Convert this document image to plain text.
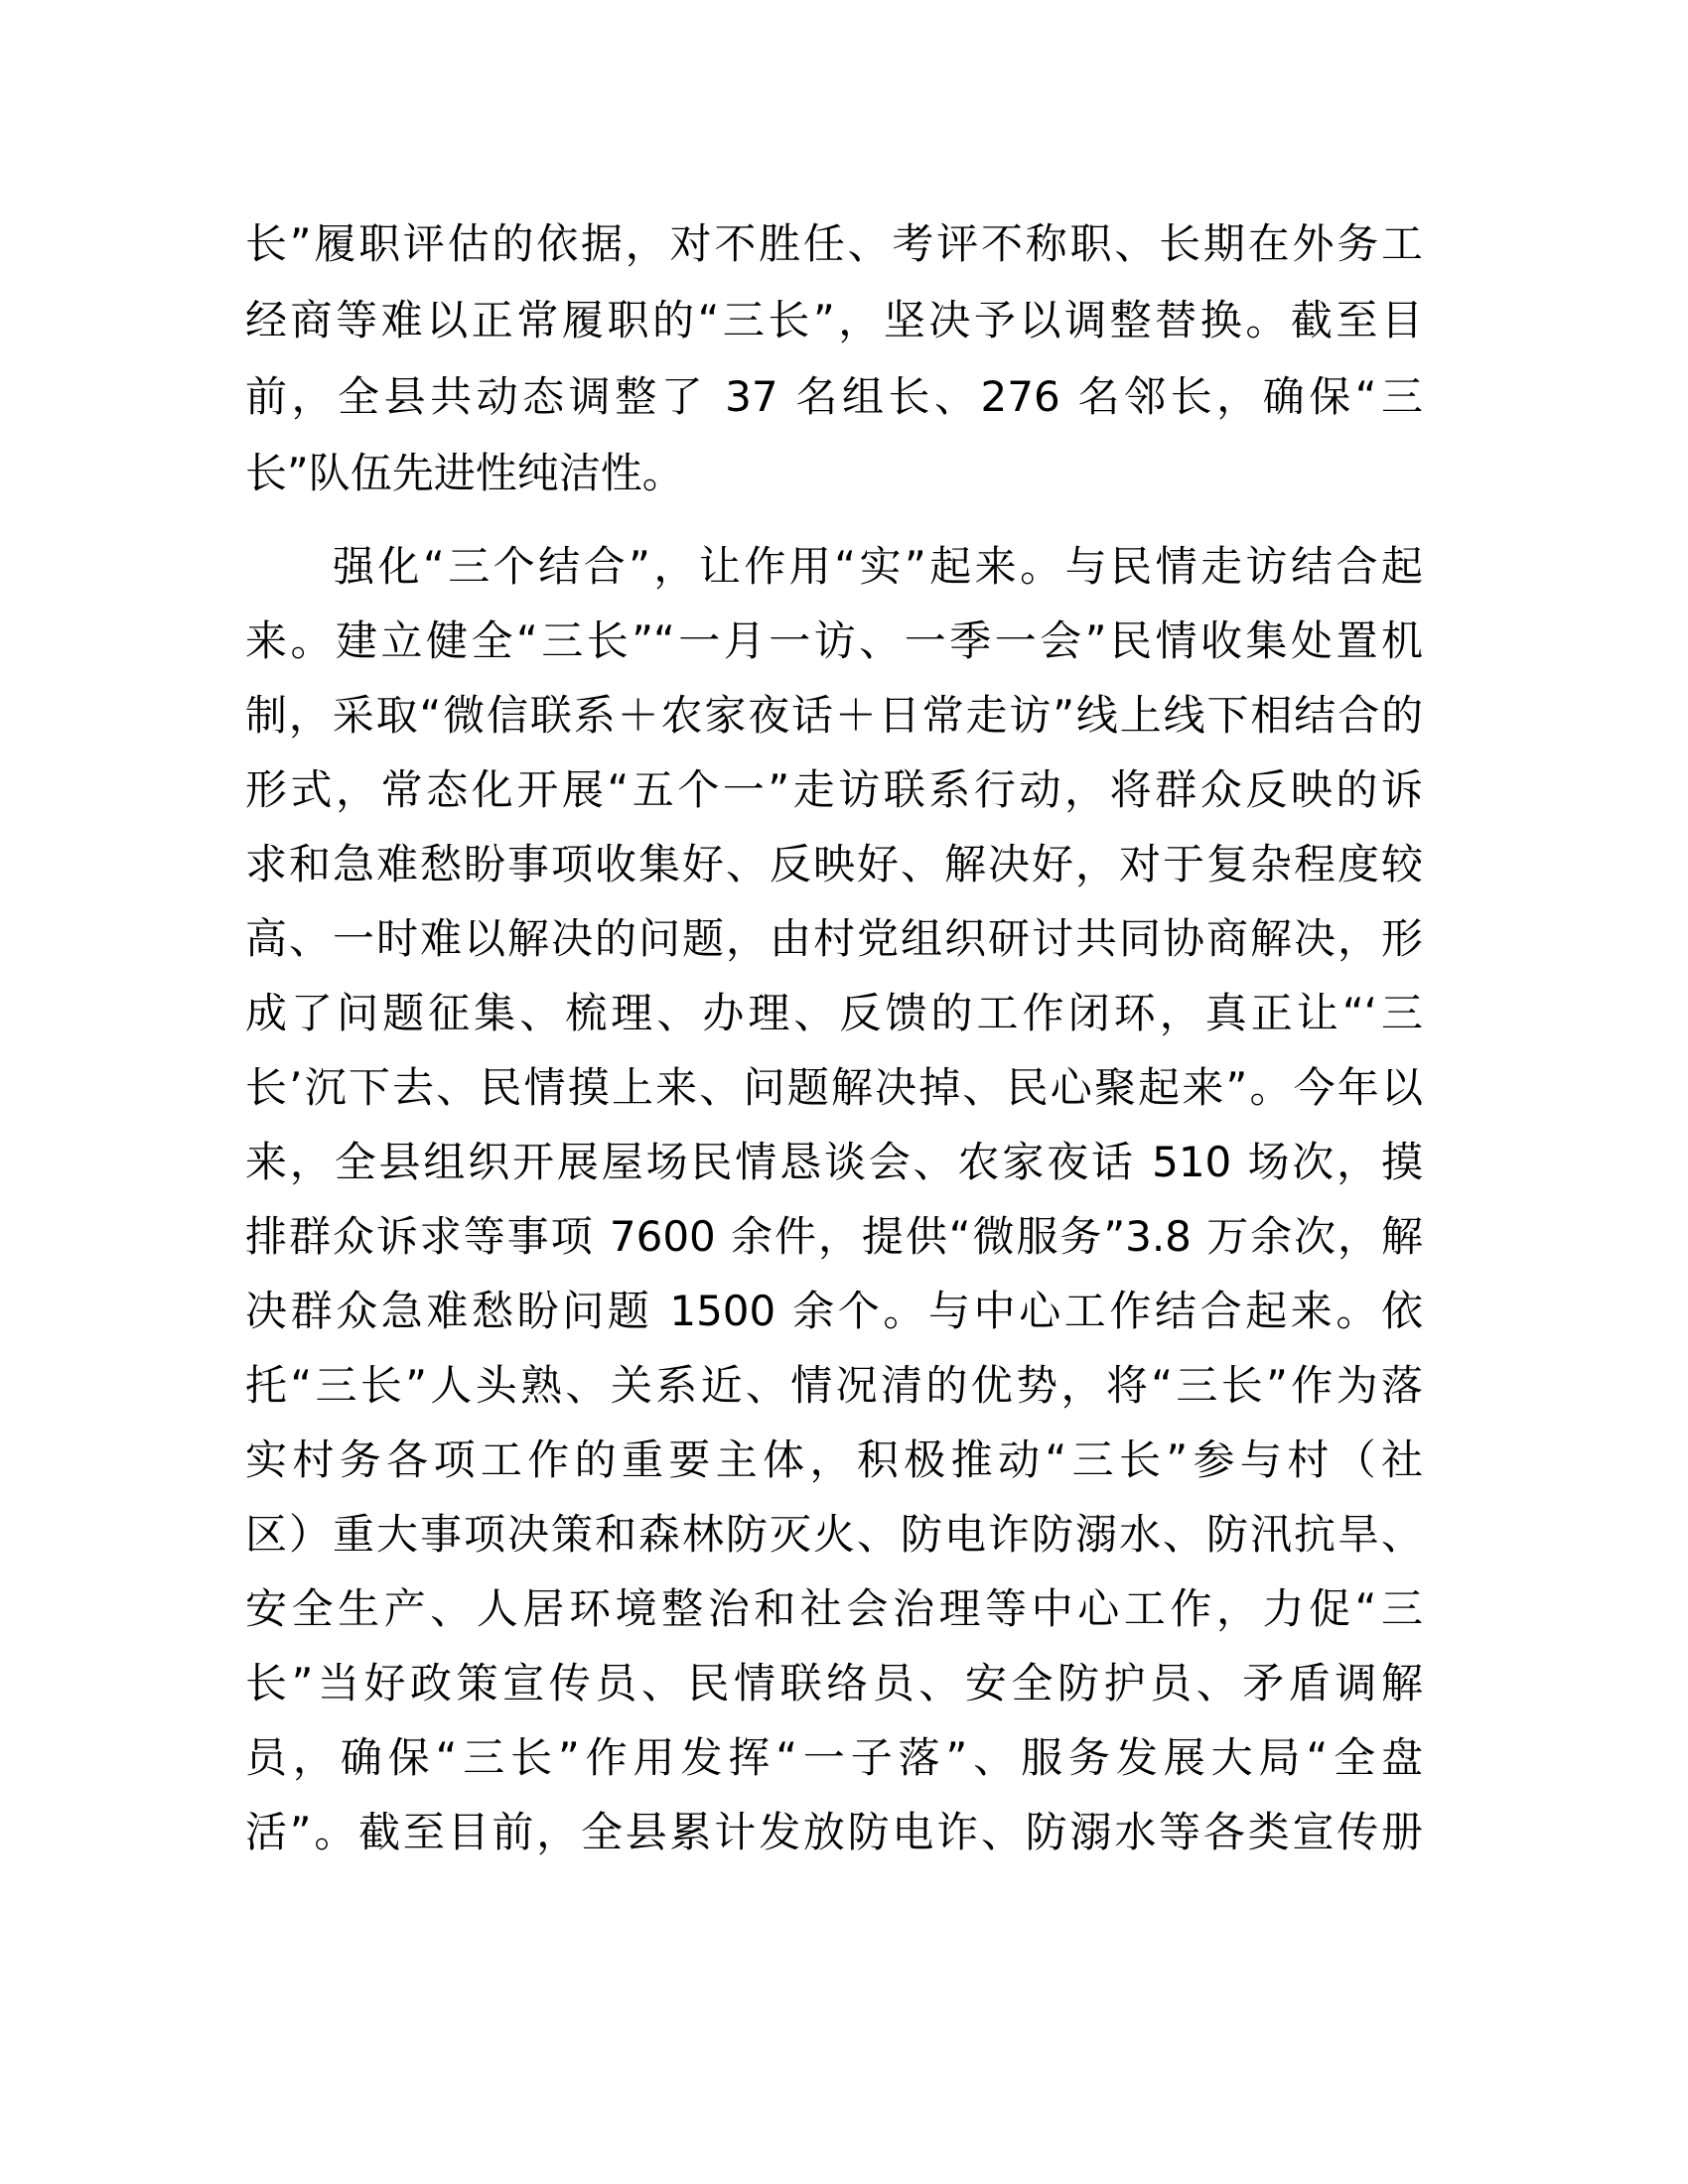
长”履职评估的依据，对不胜任、考评不称职、长期在外务工
经商等难以正常履职的“三长”，坚决予以调整替换。截至目
前，全县共动态调整了 37 名组长、276 名邻长，确保“三
长”队伍先进性纯洁性。
强化“三个结合”，让作用“实”起来。与民情走访结合起
来。建立健全“三长”“一月一访、一季一会”民情收集处置机
制，采取“微信联系＋农家夜话＋日常走访”线上线下相结合的
形式，常态化开展“五个一”走访联系行动，将群众反映的诉
求和急难愁盼事项收集好、反映好、解决好，对于复杂程度较
高、一时难以解决的问题，由村党组织研讨共同协商解决，形
成了问题征集、梳理、办理、反馈的工作闭环，真正让“‘三
长’沉下去、民情摸上来、问题解决掉、民心聚起来”。今年以
来，全县组织开展屋场民情恳谈会、农家夜话 510 场次，摸
排群众诉求等事项 7600 余件，提供“微服务”3.8 万余次，解
决群众急难愁盼问题 1500 余个。与中心工作结合起来。依
托“三长”人头熟、关系近、情况清的优势，将“三长”作为落
实村务各项工作的重要主体，积极推动“三长”参与村（社
区）重大事项决策和森林防灭火、防电诈防溺水、防汛抗旱、
安全生产、人居环境整治和社会治理等中心工作，力促“三
长”当好政策宣传员、民情联络员、安全防护员、矛盾调解
员，确保“三长”作用发挥“一子落”、服务发展大局“全盘
活”。截至目前，全县累计发放防电诈、防溺水等各类宣传册
